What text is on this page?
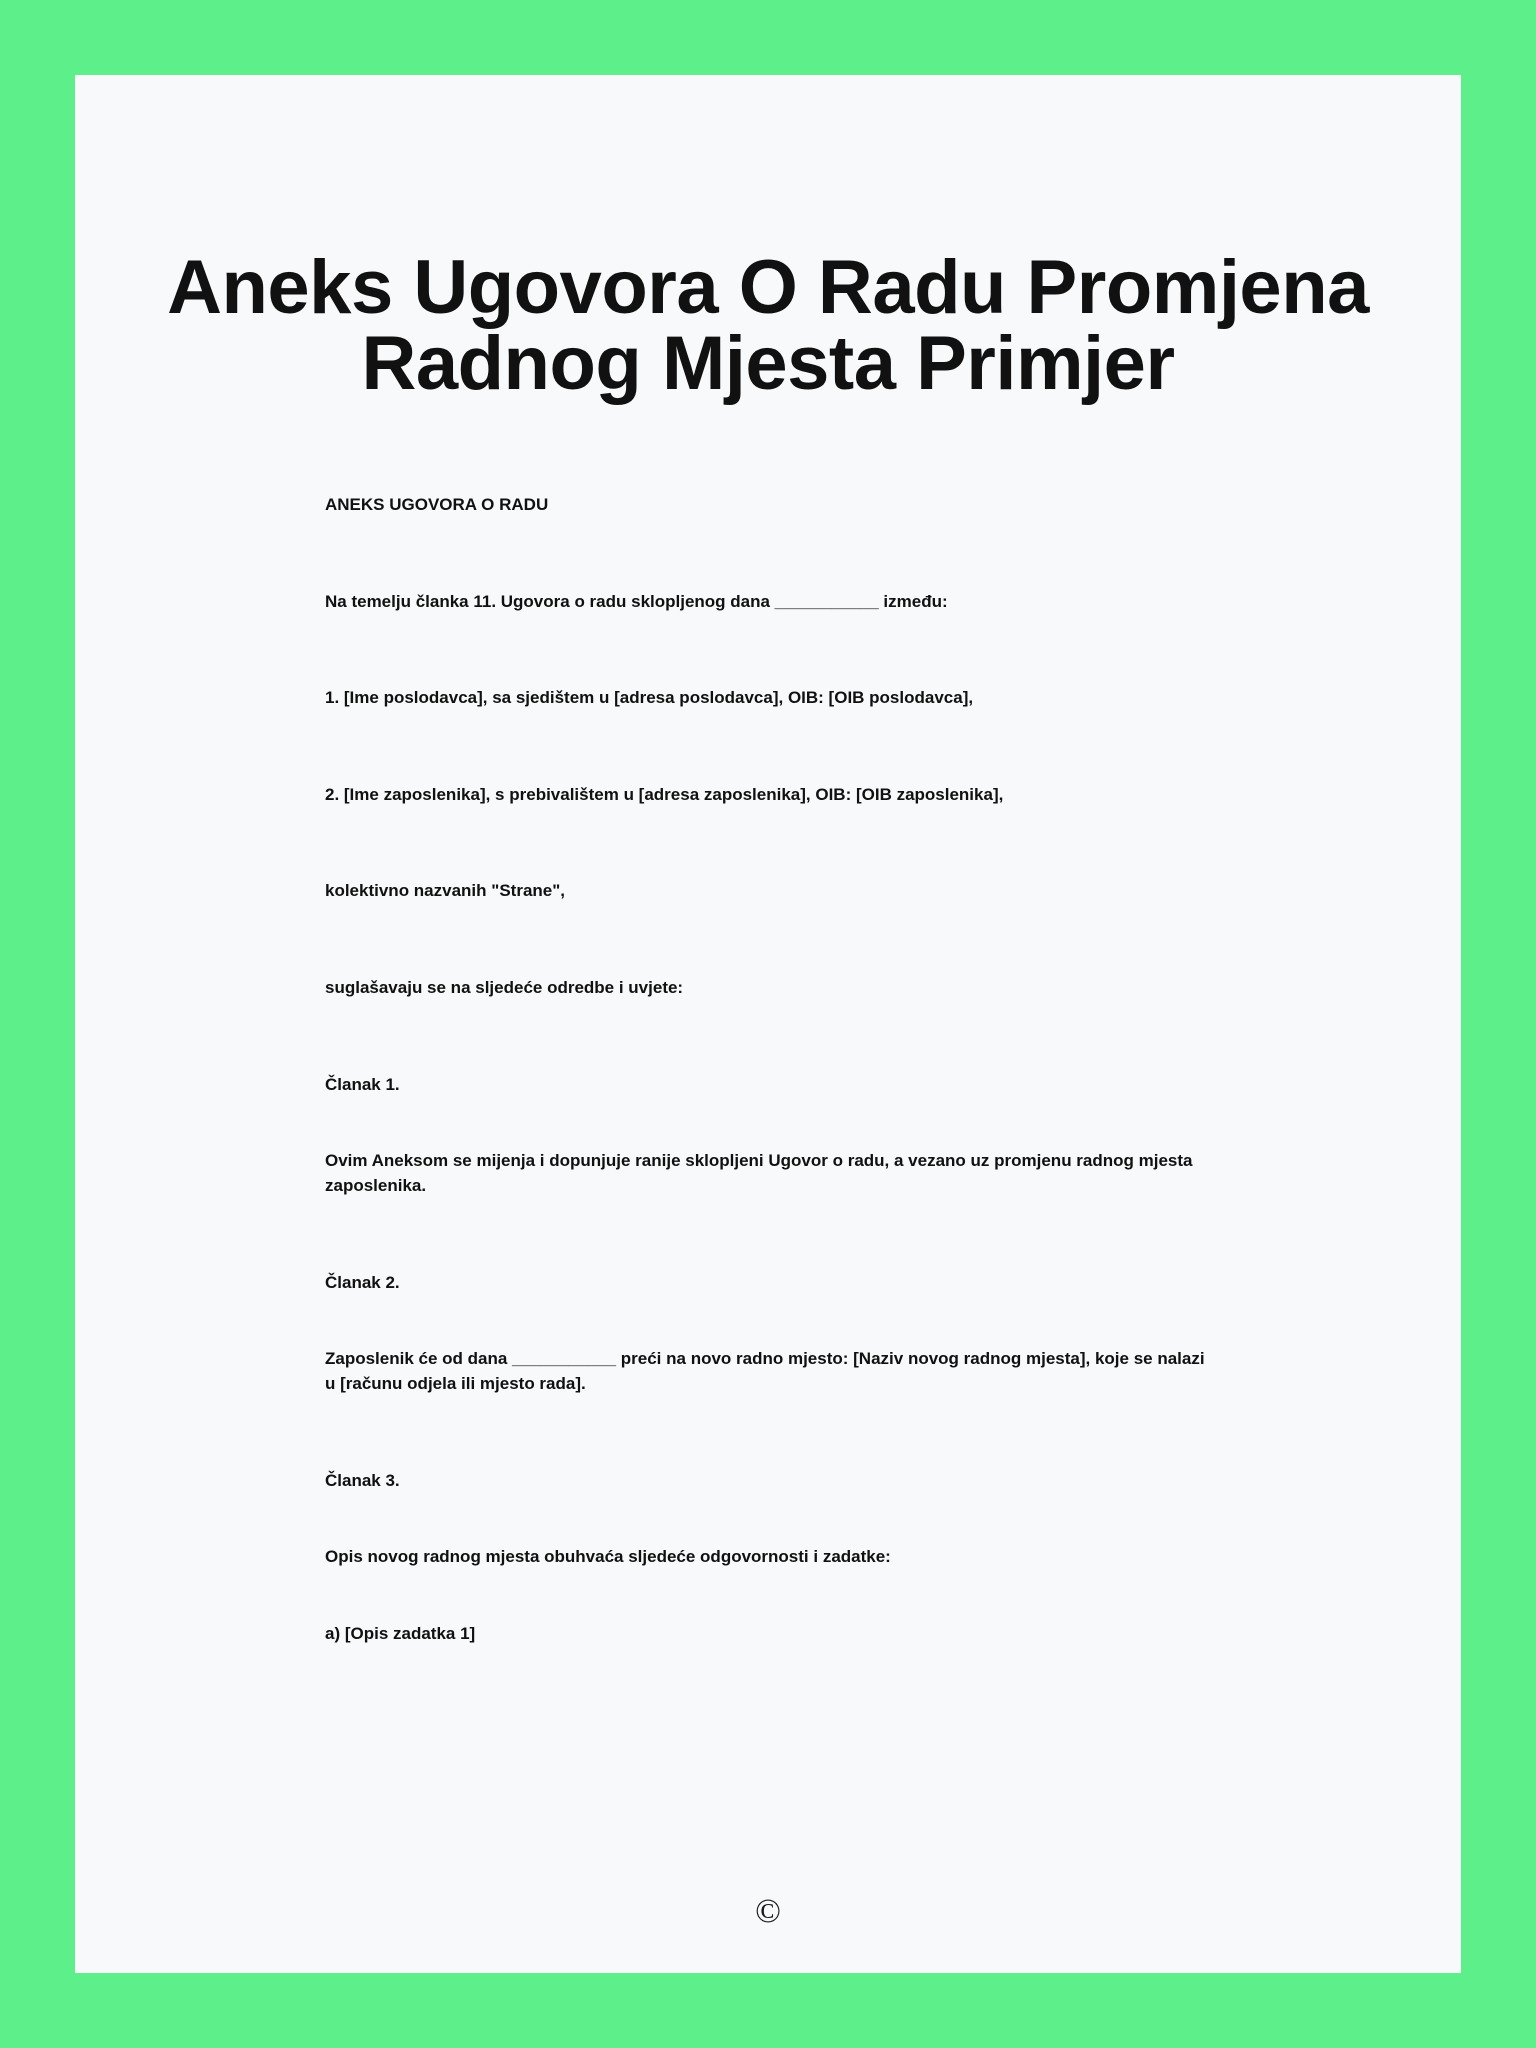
Aneks Ugovora O Radu Promjena Radnog Mjesta Primjer
ANEKS UGOVORA O RADU

Na temelju članka 11. Ugovora o radu sklopljenog dana ___________ između:

1. [Ime poslodavca], sa sjedištem u [adresa poslodavca], OIB: [OIB poslodavca],

2. [Ime zaposlenika], s prebivalištem u [adresa zaposlenika], OIB: [OIB zaposlenika],

kolektivno nazvanih "Strane",

suglašavaju se na sljedeće odredbe i uvjete:

Članak 1.

Ovim Aneksom se mijenja i dopunjuje ranije sklopljeni Ugovor o radu, a vezano uz promjenu radnog mjesta zaposlenika.

Članak 2.

Zaposlenik će od dana ___________ preći na novo radno mjesto: [Naziv novog radnog mjesta], koje se nalazi u [računu odjela ili mjesto rada].

Članak 3.

Opis novog radnog mjesta obuhvaća sljedeće odgovornosti i zadatke:

a) [Opis zadatka 1]

©
